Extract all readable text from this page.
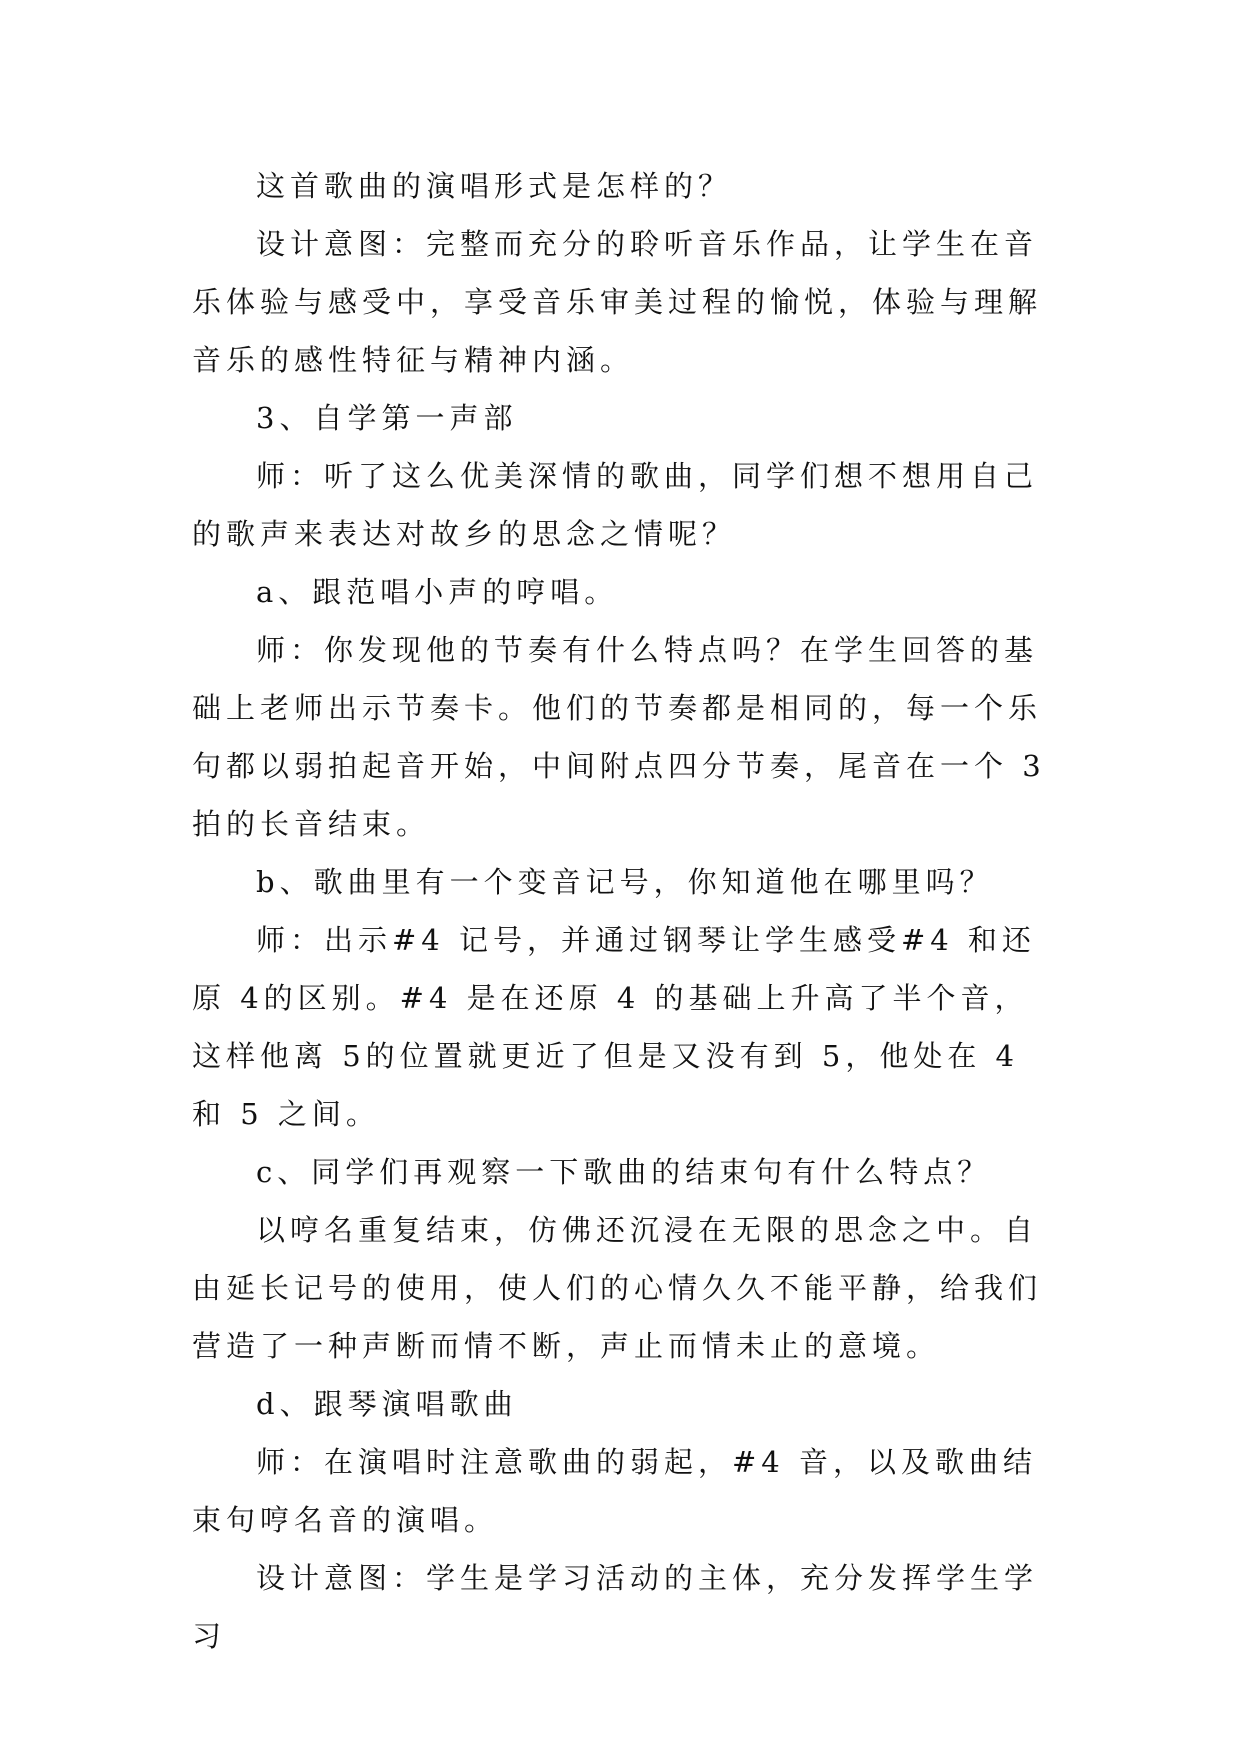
这首歌曲的演唱形式是怎样的？

设计意图：完整而充分的聆听音乐作品，让学生在音乐体验与感受中，享受音乐审美过程的愉悦，体验与理解音乐的感性特征与精神内涵。

3、自学第一声部

师：听了这么优美深情的歌曲，同学们想不想用自己的歌声来表达对故乡的思念之情呢？

a、跟范唱小声的哼唱。

师：你发现他的节奏有什么特点吗？在学生回答的基础上老师出示节奏卡。他们的节奏都是相同的，每一个乐句都以弱拍起音开始，中间附点四分节奏，尾音在一个 3 拍的长音结束。

b、歌曲里有一个变音记号，你知道他在哪里吗？

师：出示#4 记号，并通过钢琴让学生感受#4 和还原 4的区别。#4 是在还原 4 的基础上升高了半个音，这样他离 5的位置就更近了但是又没有到 5，他处在 4 和 5 之间。

c、同学们再观察一下歌曲的结束句有什么特点？

以哼名重复结束，仿佛还沉浸在无限的思念之中。自由延长记号的使用，使人们的心情久久不能平静，给我们营造了一种声断而情不断，声止而情未止的意境。

d、跟琴演唱歌曲

师：在演唱时注意歌曲的弱起，#4 音，以及歌曲结束句哼名音的演唱。

设计意图：学生是学习活动的主体，充分发挥学生学习
